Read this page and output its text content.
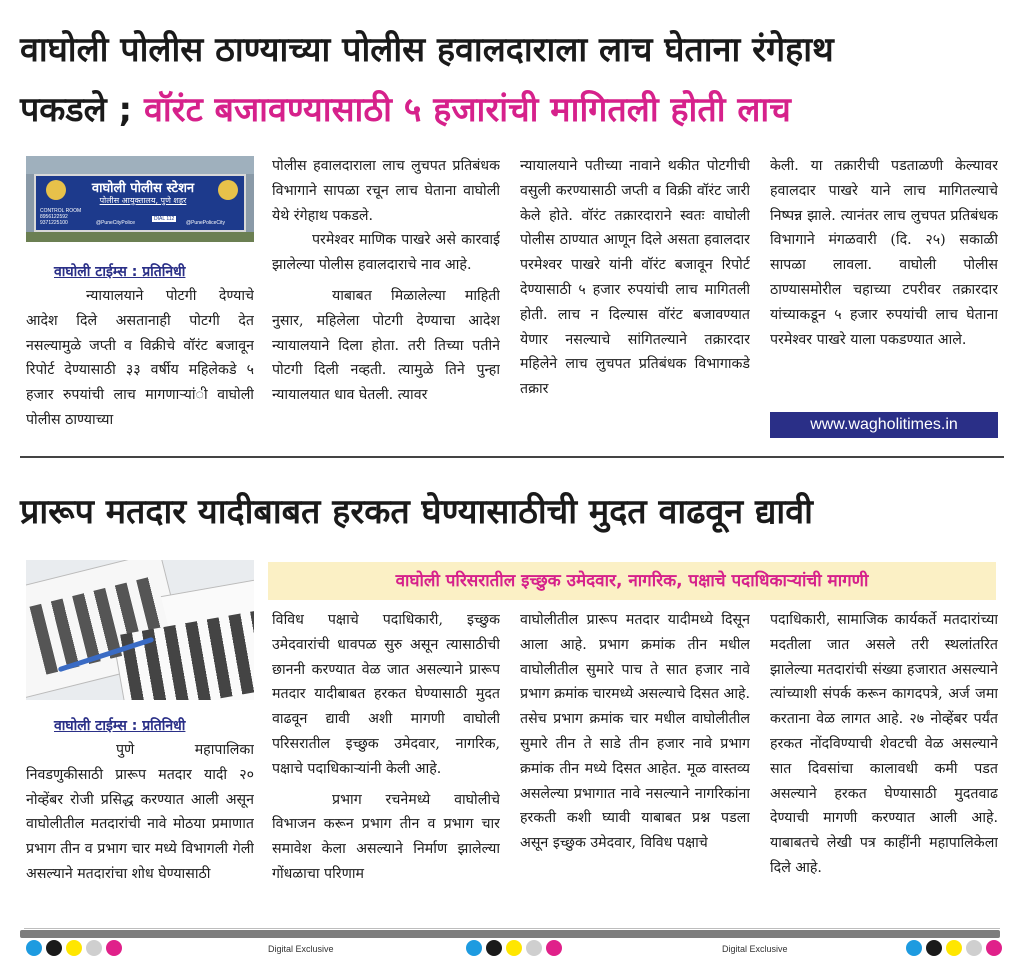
वाघोली पोलीस ठाण्याच्या पोलीस हवालदाराला लाच घेताना रंगेहाथ
पकडले ; वॉरंट बजावण्यासाठी ५ हजारांची मागितली होती लाच
वाघोली पोलीस स्टेशन
पोलीस आयुक्तालय, पुणे शहर
CONTROL ROOM
8956122592
9371225100	@PuneCityPolice	@PunePoliceCity
DIAL 112

वाघोली टाईम्स : प्रतिनिधी

न्यायालयाने पोटगी देण्याचे आदेश दिले असतानाही पोटगी देत नसल्यामुळे जप्ती व विक्रीचे वॉरंट बजावून रिपोर्ट देण्यासाठी ३३ वर्षीय महिलेकडे ५ हजार रुपयांची लाच मागणाऱ्यांी वाघोली पोलीस ठाण्याच्या

पोलीस हवालदाराला लाच लुचपत प्रतिबंधक विभागाने सापळा रचून लाच घेताना वाघोली येथे रंगेहाथ पकडले.

परमेश्वर माणिक पाखरे असे कारवाई झालेल्या पोलीस हवालदाराचे नाव आहे.

याबाबत मिळालेल्या माहिती नुसार, महिलेला पोटगी देण्याचा आदेश न्यायालयाने दिला होता. तरी तिच्या पतीने पोटगी दिली नव्हती. त्यामुळे तिने पुन्हा न्यायालयात धाव घेतली. त्यावर

न्यायालयाने पतीच्या नावाने थकीत पोटगीची वसुली करण्यासाठी जप्ती व विक्री वॉरंट जारी केले होते. वॉरंट तक्रारदाराने स्वतः वाघोली पोलीस ठाण्यात आणून दिले असता हवालदार परमेश्वर पाखरे यांनी वॉरंट बजावून रिपोर्ट देण्यासाठी ५ हजार रुपयांची लाच मागितली होती. लाच न दिल्यास वॉरंट बजावण्यात येणार नसल्याचे सांगितल्याने तक्रारदार महिलेने लाच लुचपत प्रतिबंधक विभागाकडे तक्रार

केली. या तक्रारीची पडताळणी केल्यावर हवालदार पाखरे याने लाच मागितल्याचे निष्पन्न झाले. त्यानंतर लाच लुचपत प्रतिबंधक विभागाने मंगळवारी (दि. २५) सकाळी सापळा लावला. वाघोली पोलीस ठाण्यासमोरील चहाच्या टपरीवर तक्रारदार यांच्याकडून ५ हजार रुपयांची लाच घेताना परमेश्वर पाखरे याला पकडण्यात आले.

www.wagholitimes.in
प्रारूप मतदार यादीबाबत हरकत घेण्यासाठीची मुदत वाढवून द्यावी
वाघोली परिसरातील इच्छुक उमेदवार, नागरिक, पक्षाचे पदाधिकाऱ्यांची मागणी

वाघोली टाईम्स : प्रतिनिधी

पुणे महापालिका निवडणुकीसाठी प्रारूप मतदार यादी २० नोव्हेंबर रोजी प्रसिद्ध करण्यात आली असून वाघोलीतील मतदारांची नावे मोठया प्रमाणात प्रभाग तीन व प्रभाग चार मध्ये विभागली गेली असल्याने मतदारांचा शोध घेण्यासाठी

विविध पक्षाचे पदाधिकारी, इच्छुक उमेदवारांची धावपळ सुरु असून त्यासाठीची छाननी करण्यात वेळ जात असल्याने प्रारूप मतदार यादीबाबत हरकत घेण्यासाठी मुदत वाढवून द्यावी अशी मागणी वाघोली परिसरातील इच्छुक उमेदवार, नागरिक, पक्षाचे पदाधिकाऱ्यांनी केली आहे.

प्रभाग रचनेमध्ये वाघोलीचे विभाजन करून प्रभाग तीन व प्रभाग चार समावेश केला असल्याने निर्माण झालेल्या गोंधळाचा परिणाम

वाघोलीतील प्रारूप मतदार यादीमध्ये दिसून आला आहे. प्रभाग क्रमांक तीन मधील वाघोलीतील सुमारे पाच ते सात हजार नावे प्रभाग क्रमांक चारमध्ये असल्याचे दिसत आहे. तसेच प्रभाग क्रमांक चार मधील वाघोलीतील सुमारे तीन ते साडे तीन हजार नावे प्रभाग क्रमांक तीन मध्ये दिसत आहेत. मूळ वास्तव्य असलेल्या प्रभागात नावे नसल्याने नागरिकांना हरकती कशी घ्यावी याबाबत प्रश्न पडला असून इच्छुक उमेदवार, विविध पक्षाचे

पदाधिकारी, सामाजिक कार्यकर्ते मतदारांच्या मदतीला जात असले तरी स्थलांतरित झालेल्या मतदारांची संख्या हजारात असल्याने त्यांच्याशी संपर्क करून कागदपत्रे, अर्ज जमा करताना वेळ लागत आहे. २७ नोव्हेंबर पर्यंत हरकत नोंदविण्याची शेवटची वेळ असल्याने सात दिवसांचा कालावधी कमी पडत असल्याने हरकत घेण्यासाठी मुदतवाढ देण्याची मागणी करण्यात आली आहे. याबाबतचे लेखी पत्र काहींनी महापालिकेला दिले आहे.

Digital Exclusive	Digital Exclusive
